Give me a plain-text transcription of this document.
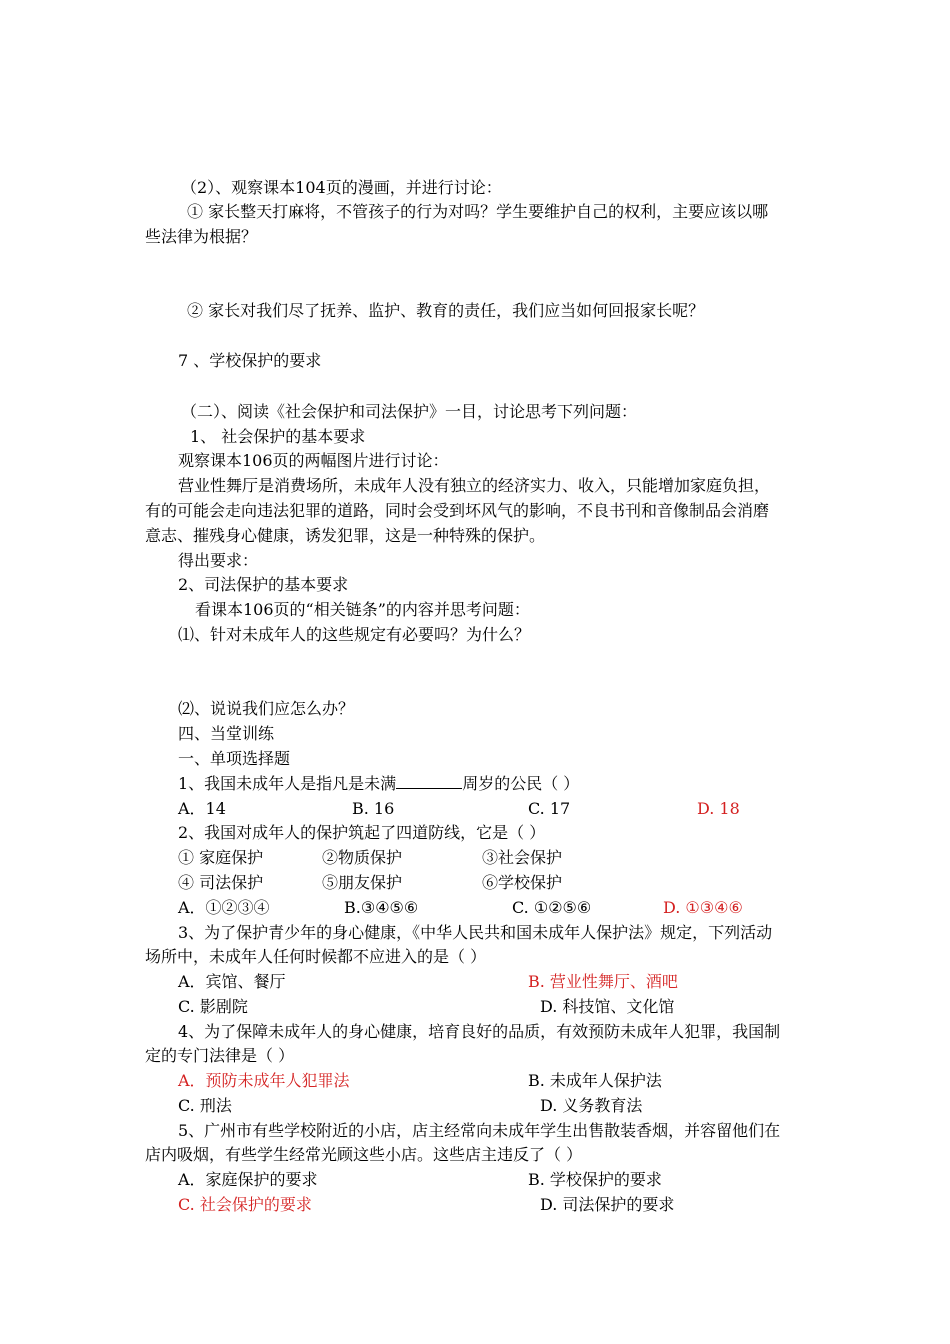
（2）、观察课本104页的漫画，并进行讨论：
① 家长整天打麻将，不管孩子的行为对吗？学生要维护自己的权利，主要应该以哪
些法律为根据？
② 家长对我们尽了抚养、监护、教育的责任，我们应当如何回报家长呢？
7 、学校保护的要求
（二）、阅读《社会保护和司法保护》一目，讨论思考下列问题：
1、 社会保护的基本要求
观察课本106页的两幅图片进行讨论：
营业性舞厅是消费场所，未成年人没有独立的经济实力、收入，只能增加家庭负担，
有的可能会走向违法犯罪的道路，同时会受到坏风气的影响，不良书刊和音像制品会消磨
意志、摧残身心健康，诱发犯罪，这是一种特殊的保护。
得出要求：
2、司法保护的基本要求
看课本106页的“相关链条”的内容并思考问题：
⑴、针对未成年人的这些规定有必要吗？为什么？
⑵、说说我们应怎么办？
四、当堂训练
一、单项选择题
1、我国未成年人是指凡是未满	周岁的公民（ ）
A．14	B. 16	C. 17	D. 18
2、我国对成年人的保护筑起了四道防线，它是（ ）
① 家庭保护	②物质保护	③社会保护
④ 司法保护	⑤朋友保护	⑥学校保护
A．①②③④	B.③④⑤⑥	C. ①②⑤⑥	D. ①③④⑥
3、为了保护青少年的身心健康，《中华人民共和国未成年人保护法》规定，下列活动
场所中，未成年人任何时候都不应进入的是（ ）
A．宾馆、餐厅	B. 营业性舞厅、酒吧
C. 影剧院	D. 科技馆、文化馆
4、为了保障未成年人的身心健康，培育良好的品质，有效预防未成年人犯罪，我国制
定的专门法律是（ ）
A．预防未成年人犯罪法	B. 未成年人保护法
C. 刑法	D. 义务教育法
5、广州市有些学校附近的小店，店主经常向未成年学生出售散装香烟，并容留他们在
店内吸烟，有些学生经常光顾这些小店。这些店主违反了（ ）
A．家庭保护的要求	B. 学校保护的要求
C. 社会保护的要求	D. 司法保护的要求
